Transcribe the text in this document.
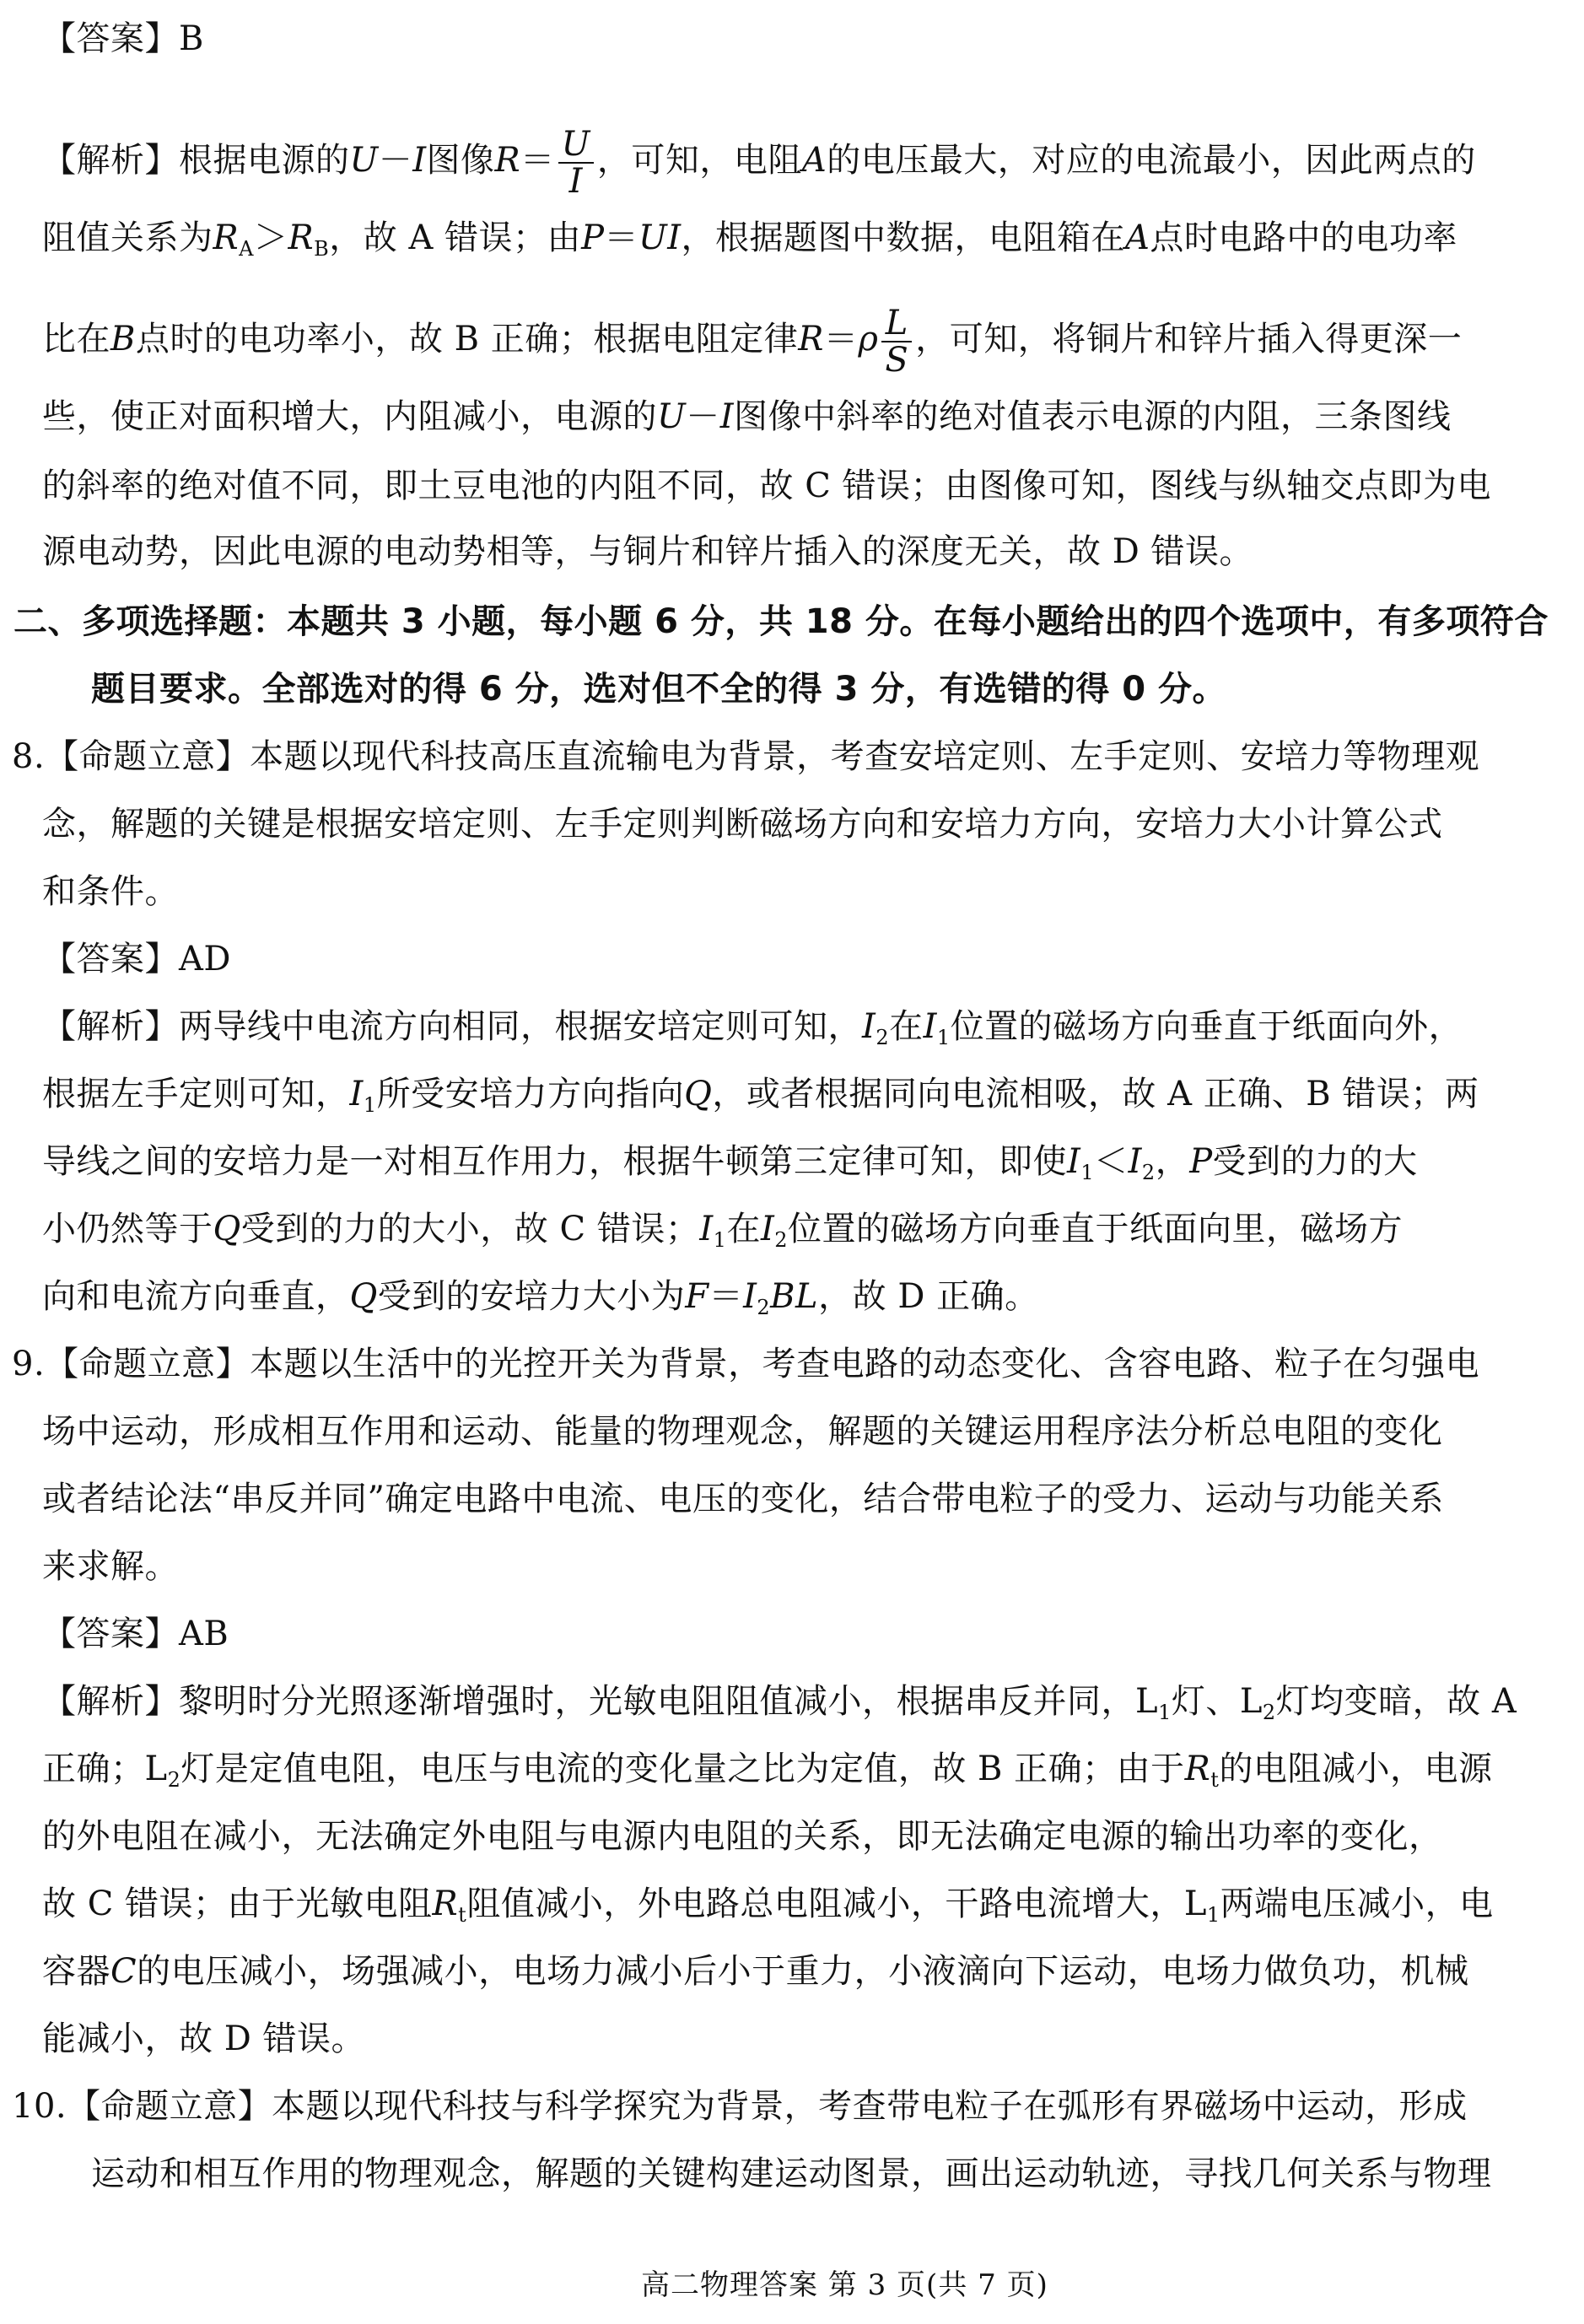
【答案】B
【解析】根据电源的U－I图像$R= \frac{U}{I}$ ，可知，电阻A的电压最大，对应的电流最小，因此两点的
阻值关系为$R_A>R_B$，故 A 错误；由P＝UI，根据题图中数据，电阻箱在A点时电路中的电功率
比在B点时的电功率小，故 B 正确；根据电阻定律$R=\rho \frac{L}{S}$ ，可知，将铜片和锌片插入得更深一
些，使正对面积增大，内阻减小，电源的U－I图像中斜率的绝对值表示电源的内阻，三条图线
的斜率的绝对值不同，即土豆电池的内阻不同，故 C 错误；由图像可知，图线与纵轴交点即为电
源电动势，因此电源的电动势相等，与铜片和锌片插入的深度无关，故 D 错误。
二、多项选择题：本题共 3 小题，每小题 6 分，共 18 分。在每小题给出的四个选项中，有多项符合
题目要求。全部选对的得 6 分，选对但不全的得 3 分，有选错的得 0 分。
8.【命题立意】本题以现代科技高压直流输电为背景，考查安培定则、左手定则、安培力等物理观
念，解题的关键是根据安培定则、左手定则判断磁场方向和安培力方向，安培力大小计算公式
和条件。
【答案】AD
【解析】两导线中电流方向相同，根据安培定则可知，$I_2$在$I_1$位置的磁场方向垂直于纸面向外，
根据左手定则可知，$I_1$所受安培力方向指向Q，或者根据同向电流相吸，故 A 正确、B 错误；两
导线之间的安培力是一对相互作用力，根据牛顿第三定律可知，即使$I_1<I_2$，P受到的力的大
小仍然等于Q受到的力的大小，故 C 错误；$I_1$在$I_2$位置的磁场方向垂直于纸面向里，磁场方
向和电流方向垂直，Q受到的安培力大小为$F=I_2BL$，故 D 正确。
9.【命题立意】本题以生活中的光控开关为背景，考查电路的动态变化、含容电路、粒子在匀强电
场中运动，形成相互作用和运动、能量的物理观念，解题的关键运用程序法分析总电阻的变化
或者结论法“串反并同”确定电路中电流、电压的变化，结合带电粒子的受力、运动与功能关系
来求解。
【答案】AB
【解析】黎明时分光照逐渐增强时，光敏电阻阻值减小，根据串反并同，$L_1$灯、$L_2$灯均变暗，故 A
正确；$L_2$灯是定值电阻，电压与电流的变化量之比为定值，故 B 正确；由于$R_t$的电阻减小，电源
的外电阻在减小，无法确定外电阻与电源内电阻的关系，即无法确定电源的输出功率的变化，
故 C 错误；由于光敏电阻$R_t$阻值减小，外电路总电阻减小，干路电流增大，$L_1$两端电压减小，电
容器C的电压减小，场强减小，电场力减小后小于重力，小液滴向下运动，电场力做负功，机械
能减小，故 D 错误。
10.【命题立意】本题以现代科技与科学探究为背景，考查带电粒子在弧形有界磁场中运动，形成
运动和相互作用的物理观念，解题的关键构建运动图景，画出运动轨迹，寻找几何关系与物理
高二物理答案 第 3 页(共 7 页)
